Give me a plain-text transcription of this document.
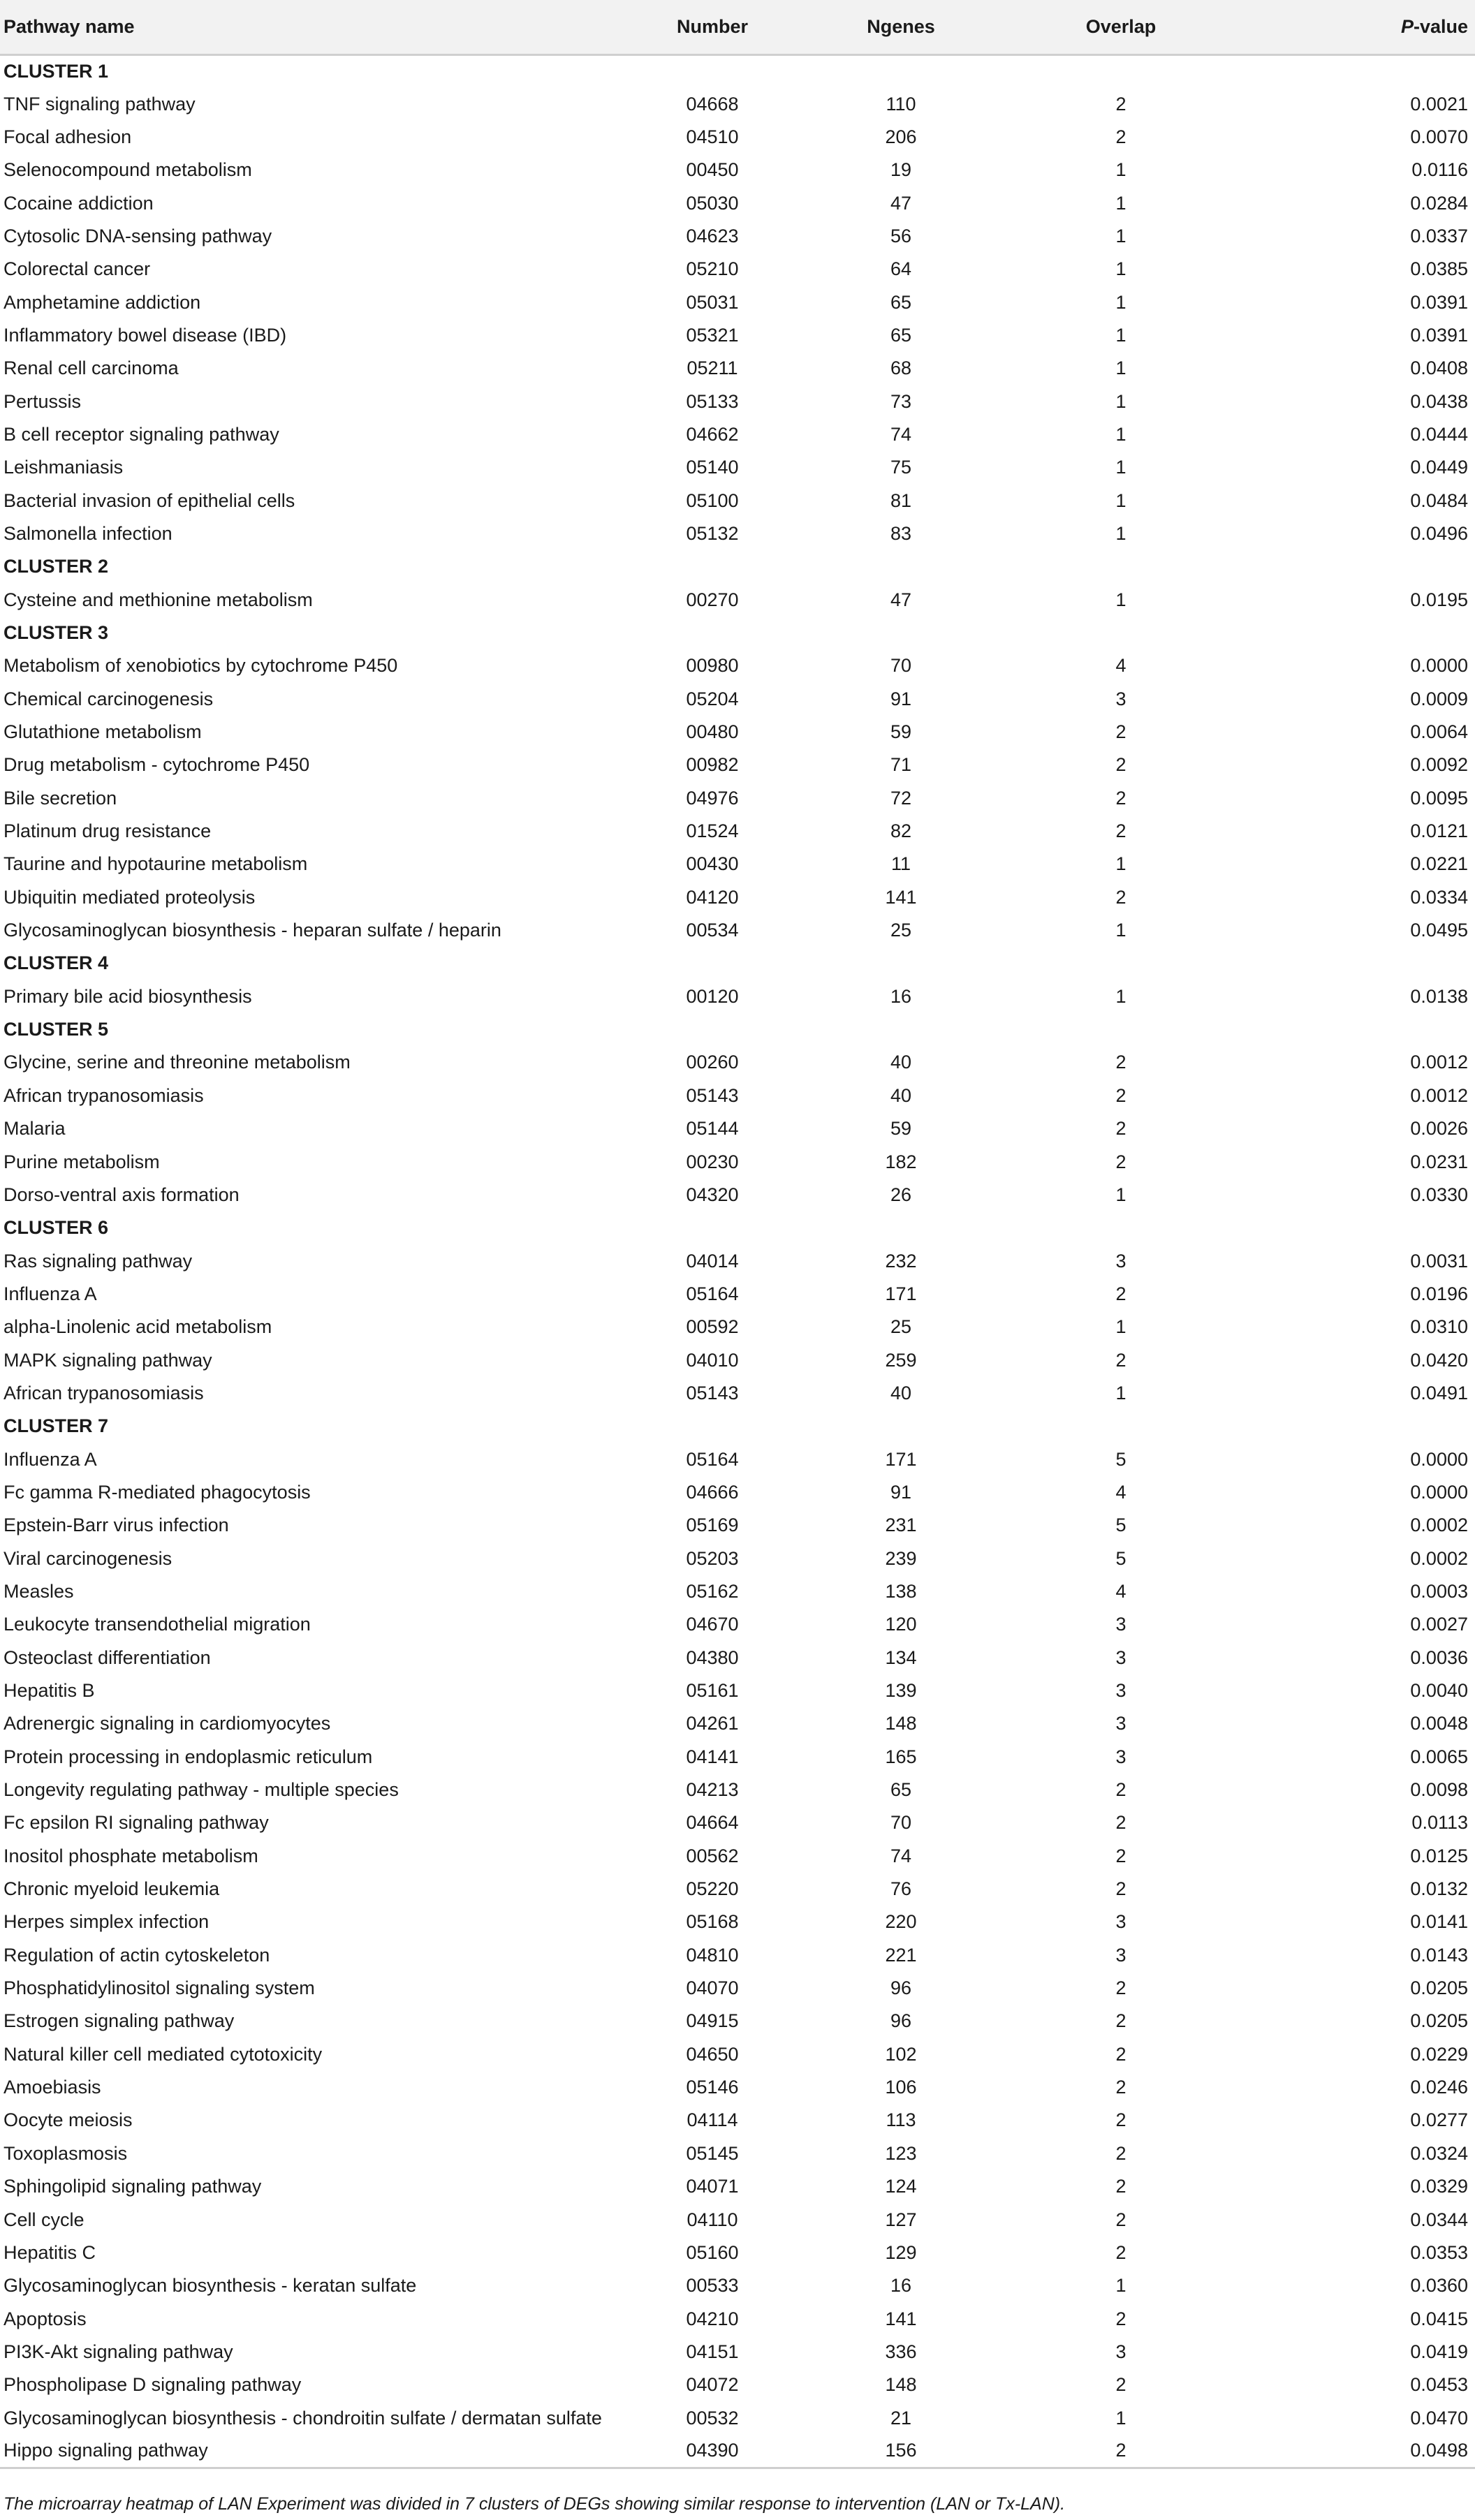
Pathway name	Number	Ngenes	Overlap	P-value
CLUSTER 1				
TNF signaling pathway	04668	110	2	0.0021
Focal adhesion	04510	206	2	0.0070
Selenocompound metabolism	00450	19	1	0.0116
Cocaine addiction	05030	47	1	0.0284
Cytosolic DNA-sensing pathway	04623	56	1	0.0337
Colorectal cancer	05210	64	1	0.0385
Amphetamine addiction	05031	65	1	0.0391
Inflammatory bowel disease (IBD)	05321	65	1	0.0391
Renal cell carcinoma	05211	68	1	0.0408
Pertussis	05133	73	1	0.0438
B cell receptor signaling pathway	04662	74	1	0.0444
Leishmaniasis	05140	75	1	0.0449
Bacterial invasion of epithelial cells	05100	81	1	0.0484
Salmonella infection	05132	83	1	0.0496
CLUSTER 2				
Cysteine and methionine metabolism	00270	47	1	0.0195
CLUSTER 3				
Metabolism of xenobiotics by cytochrome P450	00980	70	4	0.0000
Chemical carcinogenesis	05204	91	3	0.0009
Glutathione metabolism	00480	59	2	0.0064
Drug metabolism - cytochrome P450	00982	71	2	0.0092
Bile secretion	04976	72	2	0.0095
Platinum drug resistance	01524	82	2	0.0121
Taurine and hypotaurine metabolism	00430	11	1	0.0221
Ubiquitin mediated proteolysis	04120	141	2	0.0334
Glycosaminoglycan biosynthesis - heparan sulfate / heparin	00534	25	1	0.0495
CLUSTER 4				
Primary bile acid biosynthesis	00120	16	1	0.0138
CLUSTER 5				
Glycine, serine and threonine metabolism	00260	40	2	0.0012
African trypanosomiasis	05143	40	2	0.0012
Malaria	05144	59	2	0.0026
Purine metabolism	00230	182	2	0.0231
Dorso-ventral axis formation	04320	26	1	0.0330
CLUSTER 6				
Ras signaling pathway	04014	232	3	0.0031
Influenza A	05164	171	2	0.0196
alpha-Linolenic acid metabolism	00592	25	1	0.0310
MAPK signaling pathway	04010	259	2	0.0420
African trypanosomiasis	05143	40	1	0.0491
CLUSTER 7				
Influenza A	05164	171	5	0.0000
Fc gamma R-mediated phagocytosis	04666	91	4	0.0000
Epstein-Barr virus infection	05169	231	5	0.0002
Viral carcinogenesis	05203	239	5	0.0002
Measles	05162	138	4	0.0003
Leukocyte transendothelial migration	04670	120	3	0.0027
Osteoclast differentiation	04380	134	3	0.0036
Hepatitis B	05161	139	3	0.0040
Adrenergic signaling in cardiomyocytes	04261	148	3	0.0048
Protein processing in endoplasmic reticulum	04141	165	3	0.0065
Longevity regulating pathway - multiple species	04213	65	2	0.0098
Fc epsilon RI signaling pathway	04664	70	2	0.0113
Inositol phosphate metabolism	00562	74	2	0.0125
Chronic myeloid leukemia	05220	76	2	0.0132
Herpes simplex infection	05168	220	3	0.0141
Regulation of actin cytoskeleton	04810	221	3	0.0143
Phosphatidylinositol signaling system	04070	96	2	0.0205
Estrogen signaling pathway	04915	96	2	0.0205
Natural killer cell mediated cytotoxicity	04650	102	2	0.0229
Amoebiasis	05146	106	2	0.0246
Oocyte meiosis	04114	113	2	0.0277
Toxoplasmosis	05145	123	2	0.0324
Sphingolipid signaling pathway	04071	124	2	0.0329
Cell cycle	04110	127	2	0.0344
Hepatitis C	05160	129	2	0.0353
Glycosaminoglycan biosynthesis - keratan sulfate	00533	16	1	0.0360
Apoptosis	04210	141	2	0.0415
PI3K-Akt signaling pathway	04151	336	3	0.0419
Phospholipase D signaling pathway	04072	148	2	0.0453
Glycosaminoglycan biosynthesis - chondroitin sulfate / dermatan sulfate	00532	21	1	0.0470
Hippo signaling pathway	04390	156	2	0.0498
The microarray heatmap of LAN Experiment was divided in 7 clusters of DEGs showing similar response to intervention (LAN or Tx-LAN).
